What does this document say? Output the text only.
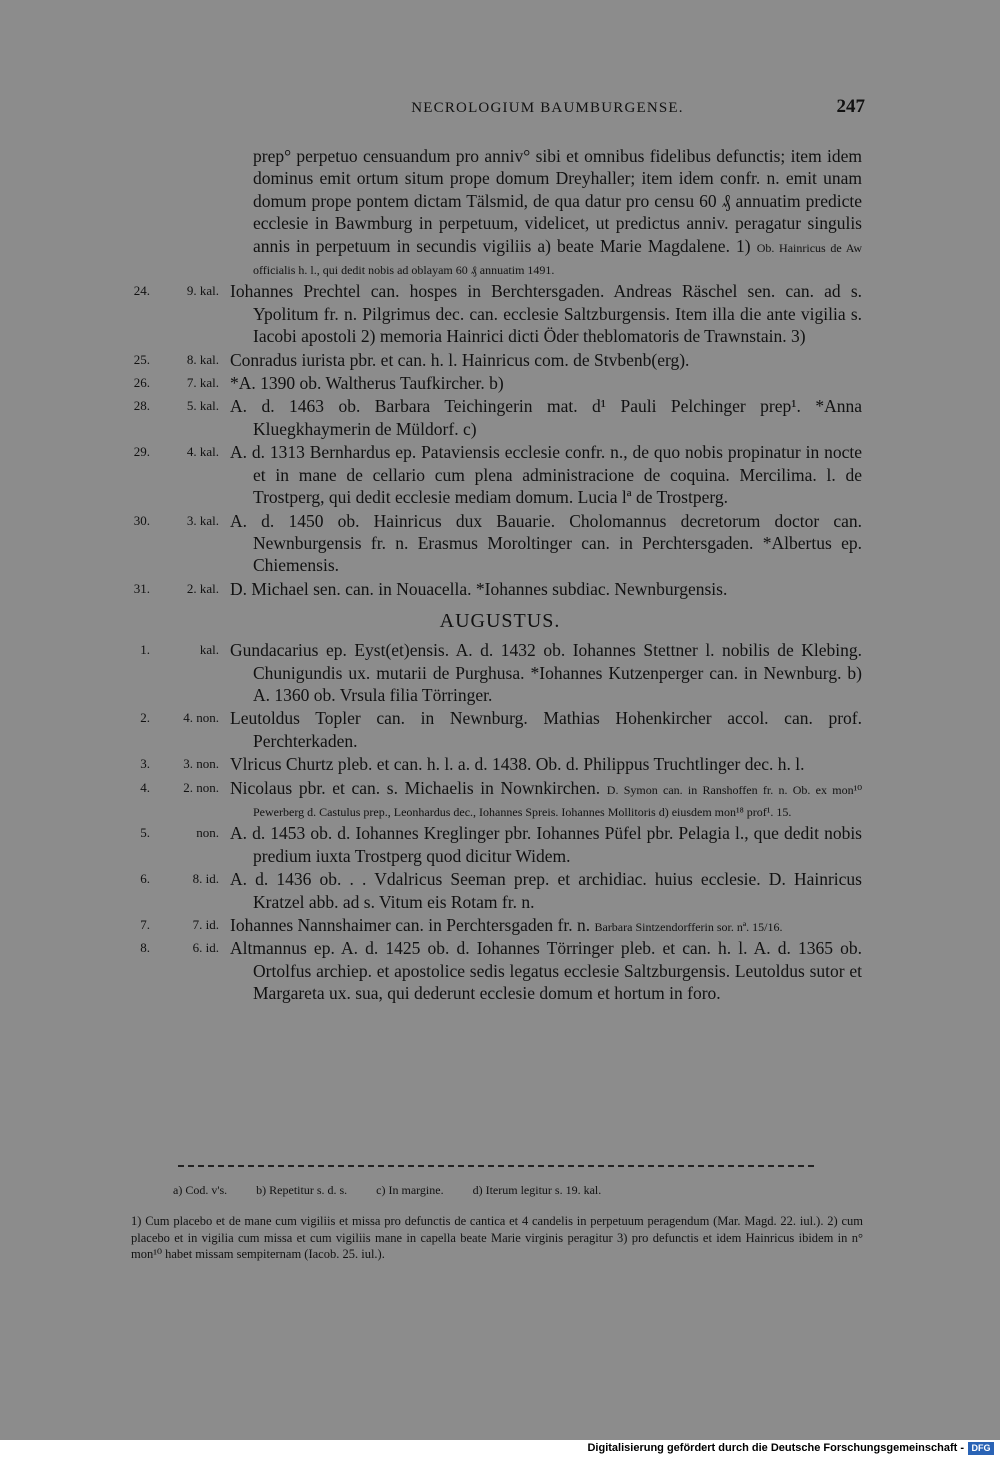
NECROLOGIUM BAUMBURGENSE.	247
prep° perpetuo censuandum pro anniv° sibi et omnibus fidelibus defunctis; item idem dominus emit ortum situm prope domum Dreyhaller; item idem confr. n. emit unam domum prope pontem dictam Tälsmid, de qua datur pro censu 60 ₰ annuatim predicte ecclesie in Bawmburg in perpetuum, videlicet, ut predictus anniv. peragatur singulis annis in perpetuum in secundis vigiliis a) beate Marie Magdalene. 1) Ob. Hainricus de Aw officialis h. l., qui dedit nobis ad oblayam 60 ₰ annuatim 1491.
24.	9. kal. Iohannes Prechtel can. hospes in Berchtersgaden. Andreas Räschel sen. can. ad s. Ypolitum fr. n. Pilgrimus dec. can. ecclesie Saltzburgensis. Item illa die ante vigilia s. Iacobi apostoli 2) memoria Hainrici dicti Öder theblomatoris de Trawnstain. 3)
25.	8. kal. Conradus iurista pbr. et can. h. l. Hainricus com. de Stvbenb(erg).
26.	7. kal. *A. 1390 ob. Waltherus Taufkircher. b)
28.	5. kal. A. d. 1463 ob. Barbara Teichingerin mat. d¹ Pauli Pelchinger prep¹. *Anna Kluegkhaymerin de Müldorf. c)
29.	4. kal. A. d. 1313 Bernhardus ep. Pataviensis ecclesie confr. n., de quo nobis propinatur in nocte et in mane de cellario cum plena administracione de coquina. Mercilima. l. de Trostperg, qui dedit ecclesie mediam domum. Lucia lª de Trostperg.
30.	3. kal. A. d. 1450 ob. Hainricus dux Bauarie. Cholomannus decretorum doctor can. Newnburgensis fr. n. Erasmus Moroltinger can. in Perchtersgaden. *Albertus ep. Chiemensis.
31.	2. kal. D. Michael sen. can. in Nouacella. *Iohannes subdiac. Newnburgensis.
AUGUSTUS.
1.	kal. Gundacarius ep. Eyst(et)ensis. A. d. 1432 ob. Iohannes Stettner l. nobilis de Klebing. Chunigundis ux. mutarii de Purghusa. *Iohannes Kutzenperger can. in Newnburg. b) A. 1360 ob. Vrsula filia Törringer.
2.	4. non. Leutoldus Topler can. in Newnburg. Mathias Hohenkircher accol. can. prof. Perchterkaden.
3.	3. non. Vlricus Churtz pleb. et can. h. l. a. d. 1438. Ob. d. Philippus Truchtlinger dec. h. l.
4.	2. non. Nicolaus pbr. et can. s. Michaelis in Nownkirchen. D. Symon can. in Ranshoffen fr. n. Ob. ex mon¹⁰ Pewerberg d. Castulus prep., Leonhardus dec., Iohannes Spreis. Iohannes Mollitoris d) eiusdem mon¹⁸ prof¹. 15.
5.	non. A. d. 1453 ob. d. Iohannes Kreglinger pbr. Iohannes Püfel pbr. Pelagia l., que dedit nobis predium iuxta Trostperg quod dicitur Widem.
6.	8. id. A. d. 1436 ob. . . Vdalricus Seeman prep. et archidiac. huius ecclesie. D. Hainricus Kratzel abb. ad s. Vitum eis Rotam fr. n.
7.	7. id. Iohannes Nannshaimer can. in Perchtersgaden fr. n. Barbara Sintzendorfferin sor. nª. 15/16.
8.	6. id. Altmannus ep. A. d. 1425 ob. d. Iohannes Törringer pleb. et can. h. l. A. d. 1365 ob. Ortolfus archiep. et apostolice sedis legatus ecclesie Saltzburgensis. Leutoldus sutor et Margareta ux. sua, qui dederunt ecclesie domum et hortum in foro.
a) Cod. v's. b) Repetitur s. d. s. c) In margine. d) Iterum legitur s. 19. kal.
1) Cum placebo et de mane cum vigiliis et missa pro defunctis de cantica et 4 candelis in perpetuum peragendum (Mar. Magd. 22. iul.). 2) cum placebo et in vigilia cum missa et cum vigiliis mane in capella beate Marie virginis peragitur 3) pro defunctis et idem Hainricus ibidem in n° mon¹⁰ habet missam sempiternam (Iacob. 25. iul.).
Digitalisierung gefördert durch die Deutsche Forschungsgemeinschaft - DFG
